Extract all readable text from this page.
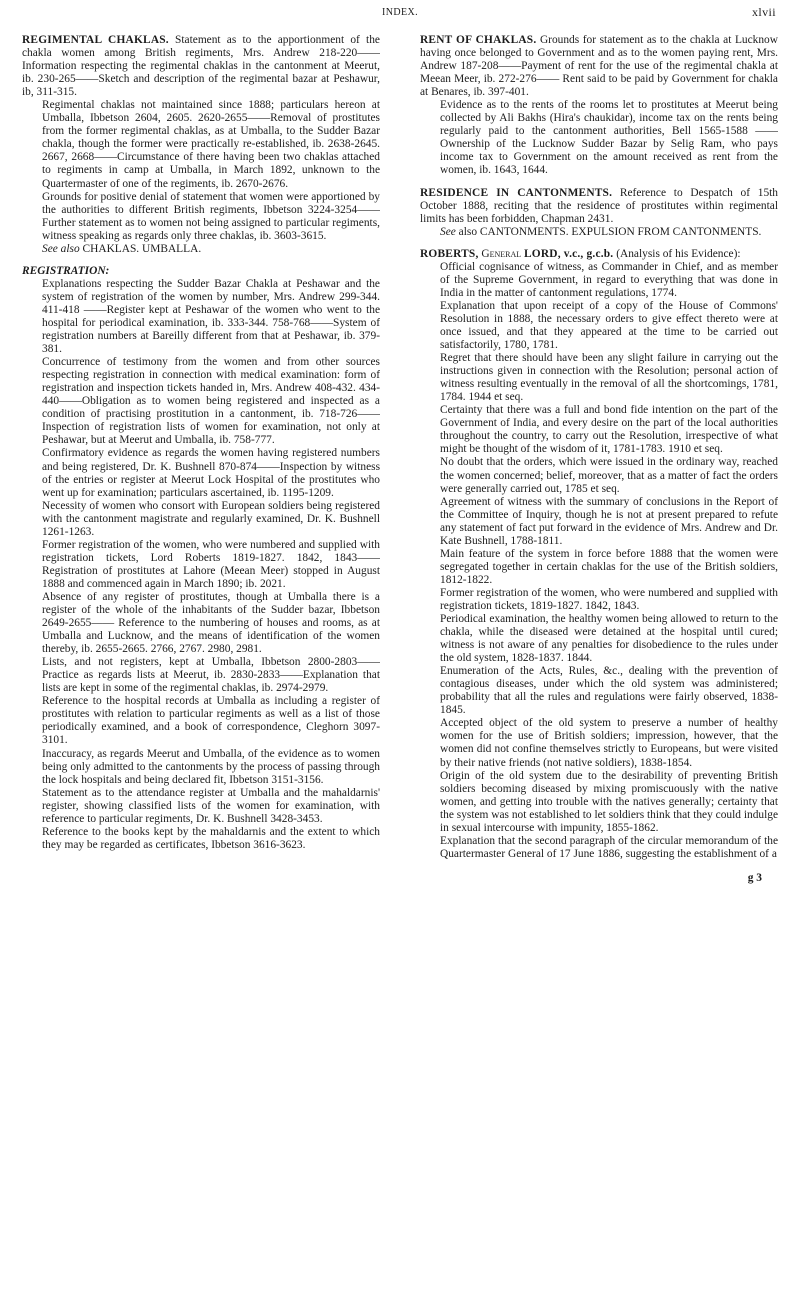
INDEX.	xlvii

REGIMENTAL CHAKLAS. Statement as to the apportionment of the chakla women among British regiments, Mrs. Andrew 218-220——Information respecting the regimental chaklas in the cantonment at Meerut, ib. 230-265——Sketch and description of the regimental bazar at Peshawur, ib, 311-315.

Regimental chaklas not maintained since 1888; particulars hereon at Umballa, Ibbetson 2604, 2605. 2620-2655——Removal of prostitutes from the former regimental chaklas, as at Umballa, to the Sudder Bazar chakla, though the former were practically re-established, ib. 2638-2645. 2667, 2668——Circumstance of there having been two chaklas attached to regiments in camp at Umballa, in March 1892, unknown to the Quartermaster of one of the regiments, ib. 2670-2676.

Grounds for positive denial of statement that women were apportioned by the authorities to different British regiments, Ibbetson 3224-3254——Further statement as to women not being assigned to particular regiments, witness speaking as regards only three chaklas, ib. 3603-3615.

See also CHAKLAS. UMBALLA.

REGISTRATION:

Explanations respecting the Sudder Bazar Chakla at Peshawar and the system of registration of the women by number, Mrs. Andrew 299-344. 411-418 ——Register kept at Peshawar of the women who went to the hospital for periodical examination, ib. 333-344. 758-768——System of registration numbers at Bareilly different from that at Peshawar, ib. 379-381.

Concurrence of testimony from the women and from other sources respecting registration in connection with medical examination: form of registration and inspection tickets handed in, Mrs. Andrew 408-432. 434-440——Obligation as to women being registered and inspected as a condition of practising prostitution in a cantonment, ib. 718-726——Inspection of registration lists of women for examination, not only at Peshawar, but at Meerut and Umballa, ib. 758-777.

Confirmatory evidence as regards the women having registered numbers and being registered, Dr. K. Bushnell 870-874——Inspection by witness of the entries or register at Meerut Lock Hospital of the prostitutes who went up for examination; particulars ascertained, ib. 1195-1209.

Necessity of women who consort with European soldiers being registered with the cantonment magistrate and regularly examined, Dr. K. Bushnell 1261-1263.

Former registration of the women, who were numbered and supplied with registration tickets, Lord Roberts 1819-1827. 1842, 1843——Registration of prostitutes at Lahore (Meean Meer) stopped in August 1888 and commenced again in March 1890; ib. 2021.

Absence of any register of prostitutes, though at Umballa there is a register of the whole of the inhabitants of the Sudder bazar, Ibbetson 2649-2655—— Reference to the numbering of houses and rooms, as at Umballa and Lucknow, and the means of identification of the women thereby, ib. 2655-2665. 2766, 2767. 2980, 2981.

Lists, and not registers, kept at Umballa, Ibbetson 2800-2803——Practice as regards lists at Meerut, ib. 2830-2833——Explanation that lists are kept in some of the regimental chaklas, ib. 2974-2979.

Reference to the hospital records at Umballa as including a register of prostitutes with relation to particular regiments as well as a list of those periodically examined, and a book of correspondence, Cleghorn 3097-3101.

Inaccuracy, as regards Meerut and Umballa, of the evidence as to women being only admitted to the cantonments by the process of passing through the lock hospitals and being declared fit, Ibbetson 3151-3156.

Statement as to the attendance register at Umballa and the mahaldarnis' register, showing classified lists of the women for examination, with reference to particular regiments, Dr. K. Bushnell 3428-3453.

Reference to the books kept by the mahaldarnis and the extent to which they may be regarded as certificates, Ibbetson 3616-3623.

RENT OF CHAKLAS. Grounds for statement as to the chakla at Lucknow having once belonged to Government and as to the women paying rent, Mrs. Andrew 187-208——Payment of rent for the use of the regimental chakla at Meean Meer, ib. 272-276—— Rent said to be paid by Government for chakla at Benares, ib. 397-401.

Evidence as to the rents of the rooms let to prostitutes at Meerut being collected by Ali Bakhs (Hira's chaukidar), income tax on the rents being regularly paid to the cantonment authorities, Bell 1565-1588 ——Ownership of the Lucknow Sudder Bazar by Selig Ram, who pays income tax to Government on the amount received as rent from the women, ib. 1643, 1644.

RESIDENCE IN CANTONMENTS. Reference to Despatch of 15th October 1888, reciting that the residence of prostitutes within regimental limits has been forbidden, Chapman 2431.

See also CANTONMENTS. EXPULSION FROM CANTONMENTS.

ROBERTS, General LORD, v.c., g.c.b. (Analysis of his Evidence):

Official cognisance of witness, as Commander in Chief, and as member of the Supreme Government, in regard to everything that was done in India in the matter of cantonment regulations, 1774.

Explanation that upon receipt of a copy of the House of Commons' Resolution in 1888, the necessary orders to give effect thereto were at once issued, and that they appeared at the time to be carried out satisfactorily, 1780, 1781.

Regret that there should have been any slight failure in carrying out the instructions given in connection with the Resolution; personal action of witness resulting eventually in the removal of all the shortcomings, 1781, 1784. 1944 et seq.

Certainty that there was a full and bond fide intention on the part of the Government of India, and every desire on the part of the local authorities throughout the country, to carry out the Resolution, irrespective of what might be thought of the wisdom of it, 1781-1783. 1910 et seq.

No doubt that the orders, which were issued in the ordinary way, reached the women concerned; belief, moreover, that as a matter of fact the orders were generally carried out, 1785 et seq.

Agreement of witness with the summary of conclusions in the Report of the Committee of Inquiry, though he is not at present prepared to refute any statement of fact put forward in the evidence of Mrs. Andrew and Dr. Kate Bushnell, 1788-1811.

Main feature of the system in force before 1888 that the women were segregated together in certain chaklas for the use of the British soldiers, 1812-1822.

Former registration of the women, who were numbered and supplied with registration tickets, 1819-1827. 1842, 1843.

Periodical examination, the healthy women being allowed to return to the chakla, while the diseased were detained at the hospital until cured; witness is not aware of any penalties for disobedience to the rules under the old system, 1828-1837. 1844.

Enumeration of the Acts, Rules, &c., dealing with the prevention of contagious diseases, under which the old system was administered; probability that all the rules and regulations were fairly observed, 1838-1845.

Accepted object of the old system to preserve a number of healthy women for the use of British soldiers; impression, however, that the women did not confine themselves strictly to Europeans, but were visited by their native friends (not native soldiers), 1838-1854.

Origin of the old system due to the desirability of preventing British soldiers becoming diseased by mixing promiscuously with the native women, and getting into trouble with the natives generally; certainty that the system was not established to let soldiers think that they could indulge in sexual intercourse with impunity, 1855-1862.

Explanation that the second paragraph of the circular memorandum of the Quartermaster General of 17 June 1886, suggesting the establishment of a

g 3
